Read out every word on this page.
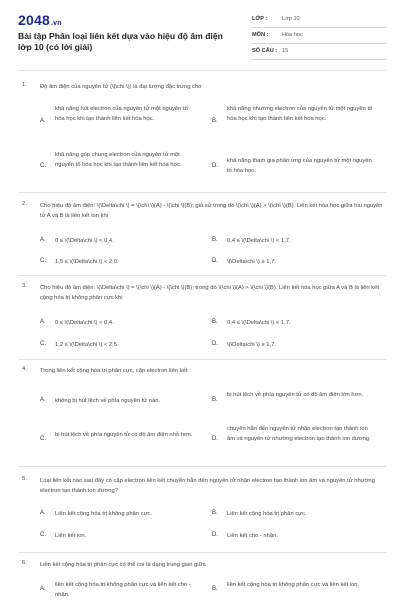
2048.vn
Bài tập Phân loại liên kết dựa vào hiệu độ âm điện lớp 10 (có lời giải)
LỚP :	Lớp 10
MÔN : Hóa học
SỐ CÂU : 15
1. Độ âm điện của nguyên tử (\(\chi \)) là đại lượng đặc trưng cho
A.
khả năng hút electron của nguyên tử một nguyên tố hóa học khi tạo thành liên kết hóa học.	B.
khả năng nhường electron của nguyên tử một nguyên tố hóa học khi tạo thành liên kết hóa học.
C.
khả năng góp chung electron của nguyên tử một nguyên tố hóa học khi tạo thành liên kết hóa học.	D.
khả năng tham gia phản ứng của nguyên tử một nguyên tố hóa học.
2. Cho hiệu độ âm điện: \(\Delta\chi \) = \(\chi \)(A) - \(\chi \)(B); giả sử trong đó \(\chi \)(A) > \(\chi \)(B). Liên kết hóa học giữa hai nguyên tử A và B là liên kết ion khi
A. 0 ≤ \(\Delta\chi \) < 0,4.	B. 0,4 ≤ \(\Delta\chi \) < 1,7.
C. 1,5 ≤ \(\Delta\chi \) < 2,0.	D. \(\Delta\chi \) ≥ 1,7.
3. Cho hiệu độ âm điện: \(\Delta\chi \) = \(\chi \)(A) - \(\chi \)(B); trong đó \(\chi \)(A) > \(\chi \)(B). Liên kết hóa học giữa A và B là liên kết cộng hóa trị không phân cực khi
A. 0 ≤ \(\Delta\chi \) < 0,4.	B. 0,4 ≤ \(\Delta\chi \) < 1,7.
C. 1,2 ≤ \(\Delta\chi \) < 2,5.	D. \(\Delta\chi \) ≥ 1,7.
4. Trong liên kết cộng hóa trị phân cực, cặp electron liên kết
A. không bị hút lệch về phía nguyên tử nào.	B.
bị hút lệch về phía nguyên tử có độ âm điện lớn hơn.
C.
bị hút lệch về phía nguyên tử có độ âm điện nhỏ hơn.
D.
chuyển hẳn đến nguyên tử nhận electron tạo thành ion âm và nguyên tử nhường electron tạo thành ion dương.
5. Loại liên kết nào sau đây có cặp electron liên kết chuyển hẳn đến nguyên tử nhận electron tạo thành ion âm và nguyên tử nhường electron tạo thành ion dương?
A. Liên kết cộng hóa trị không phân cực.	B. Liên kết cộng hóa trị phân cực.
C. Liên kết ion.	D. Liên kết cho - nhận.
6. Liên kết cộng hóa trị phân cực có thể coi là dạng trung gian giữa
A.
liên kết cộng hóa trị không phân cực và liên kết cho - nhận.
B.
liên kết cộng hóa trị không phân cực và liên kết ion.
